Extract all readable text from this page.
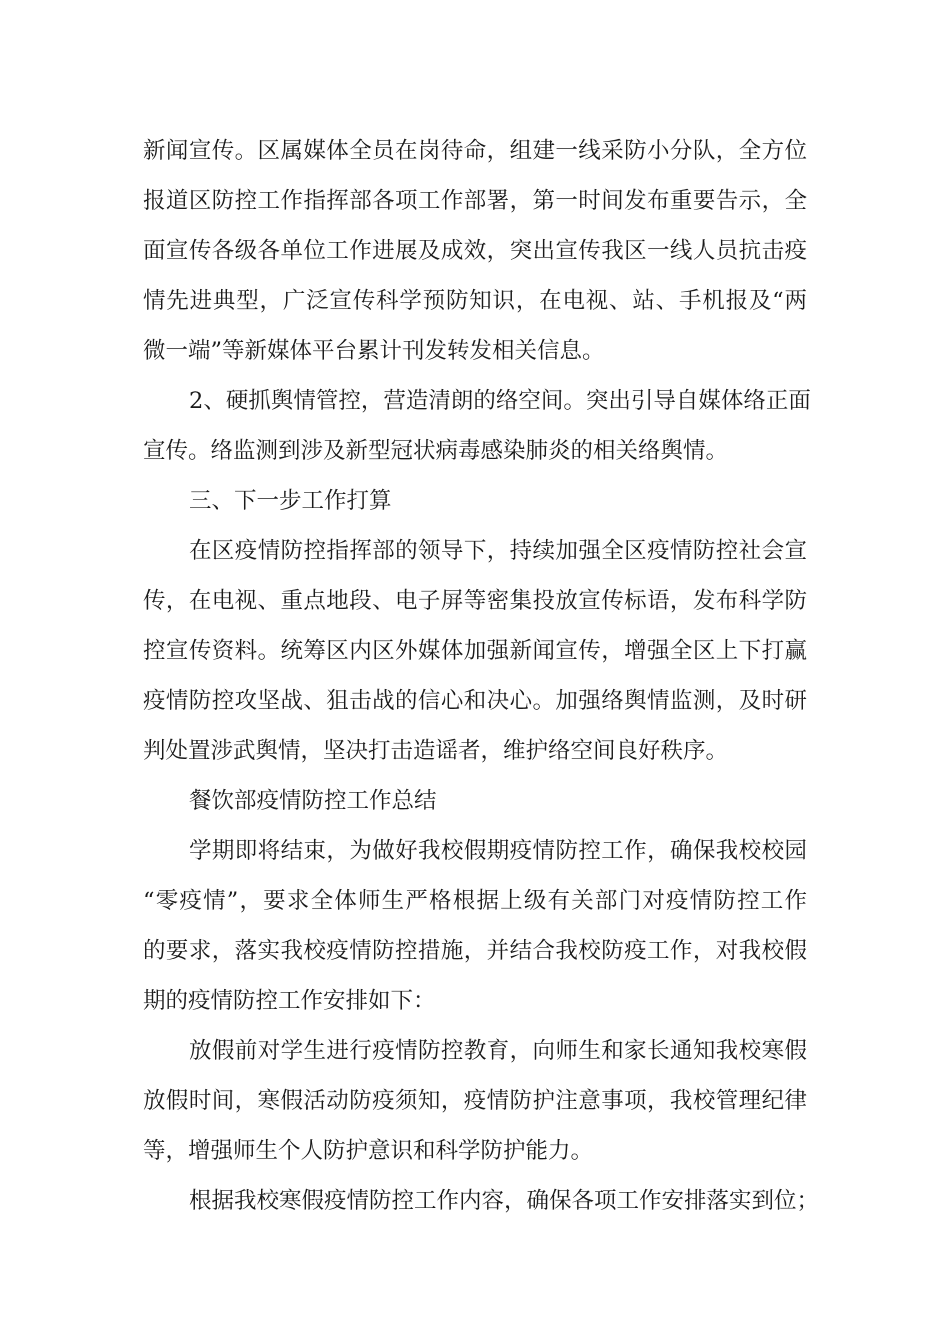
新闻宣传。区属媒体全员在岗待命，组建一线采防小分队，全方位
报道区防控工作指挥部各项工作部署，第一时间发布重要告示，全
面宣传各级各单位工作进展及成效，突出宣传我区一线人员抗击疫
情先进典型，广泛宣传科学预防知识，在电视、站、手机报及“两
微一端”等新媒体平台累计刊发转发相关信息。
2、硬抓舆情管控，营造清朗的络空间。突出引导自媒体络正面
宣传。络监测到涉及新型冠状病毒感染肺炎的相关络舆情。
三、下一步工作打算
在区疫情防控指挥部的领导下，持续加强全区疫情防控社会宣
传，在电视、重点地段、电子屏等密集投放宣传标语，发布科学防
控宣传资料。统筹区内区外媒体加强新闻宣传，增强全区上下打赢
疫情防控攻坚战、狙击战的信心和决心。加强络舆情监测，及时研
判处置涉武舆情，坚决打击造谣者，维护络空间良好秩序。
餐饮部疫情防控工作总结
学期即将结束，为做好我校假期疫情防控工作，确保我校校园
“零疫情”，要求全体师生严格根据上级有关部门对疫情防控工作
的要求，落实我校疫情防控措施，并结合我校防疫工作，对我校假
期的疫情防控工作安排如下：
放假前对学生进行疫情防控教育，向师生和家长通知我校寒假
放假时间，寒假活动防疫须知，疫情防护注意事项，我校管理纪律
等，增强师生个人防护意识和科学防护能力。
根据我校寒假疫情防控工作内容，确保各项工作安排落实到位；
